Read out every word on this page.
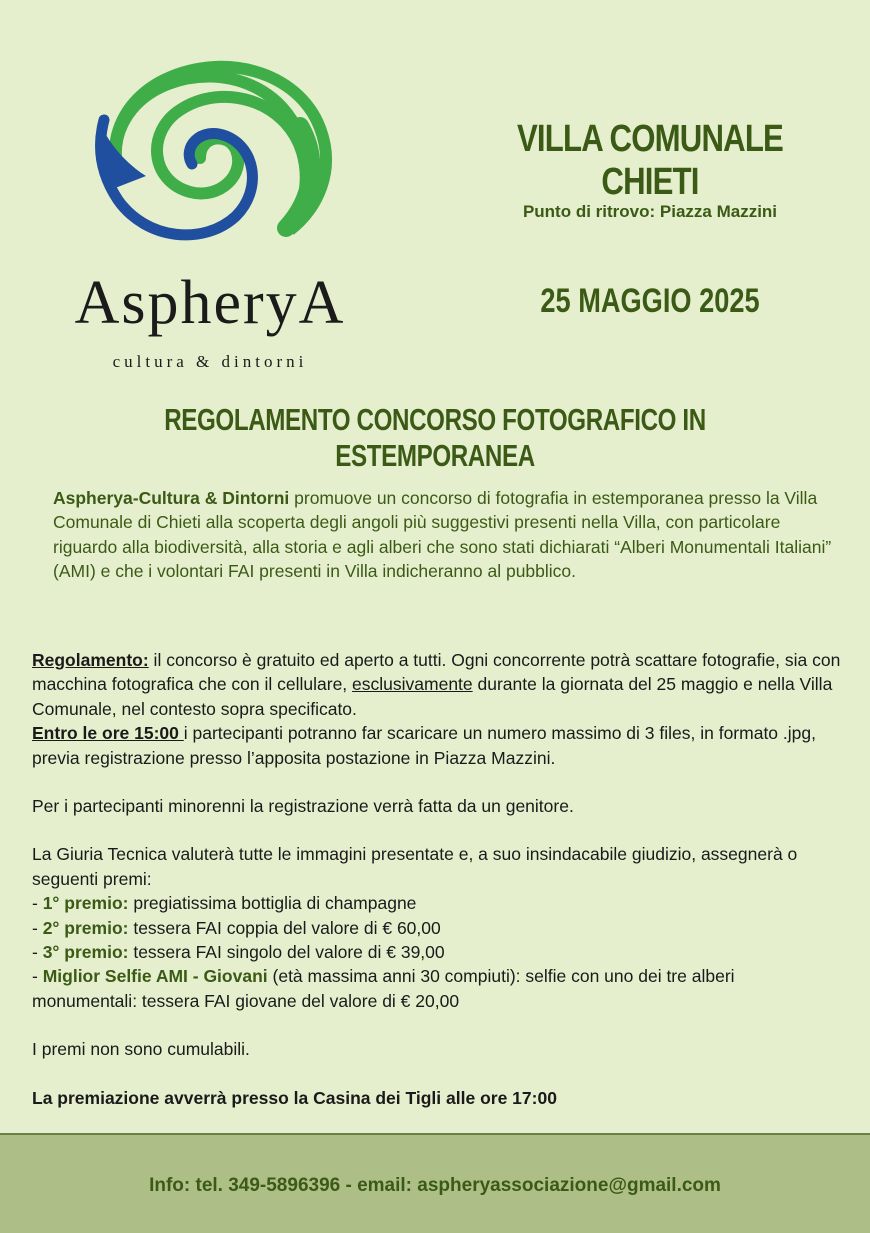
AspheryA
cultura & dintorni
VILLA COMUNALE CHIETI
Punto di ritrovo: Piazza Mazzini
25 MAGGIO 2025
REGOLAMENTO CONCORSO FOTOGRAFICO IN ESTEMPORANEA
Aspherya-Cultura & Dintorni promuove un concorso di fotografia in estemporanea presso la Villa Comunale di Chieti alla scoperta degli angoli più suggestivi presenti nella Villa, con particolare riguardo alla biodiversità, alla storia e agli alberi che sono stati dichiarati “Alberi Monumentali Italiani” (AMI) e che i volontari FAI presenti in Villa indicheranno al pubblico.

Regolamento: il concorso è gratuito ed aperto a tutti. Ogni concorrente potrà scattare fotografie, sia con macchina fotografica che con il cellulare, esclusivamente durante la giornata del 25 maggio e nella Villa Comunale, nel contesto sopra specificato.
Entro le ore 15:00 i partecipanti potranno far scaricare un numero massimo di 3 files, in formato .jpg, previa registrazione presso l’apposita postazione in Piazza Mazzini.

Per i partecipanti minorenni la registrazione verrà fatta da un genitore.

La Giuria Tecnica valuterà tutte le immagini presentate e, a suo insindacabile giudizio, assegnerà o seguenti premi:

- 1° premio: pregiatissima bottiglia di champagne

- 2° premio: tessera FAI coppia del valore di € 60,00

- 3° premio: tessera FAI singolo del valore di € 39,00

- Miglior Selfie AMI - Giovani (età massima anni 30 compiuti): selfie con uno dei tre alberi monumentali: tessera FAI giovane del valore di € 20,00

I premi non sono cumulabili.

La premiazione avverrà presso la Casina dei Tigli alle ore 17:00

Info: tel. 349-5896396 - email: aspheryassociazione@gmail.com
